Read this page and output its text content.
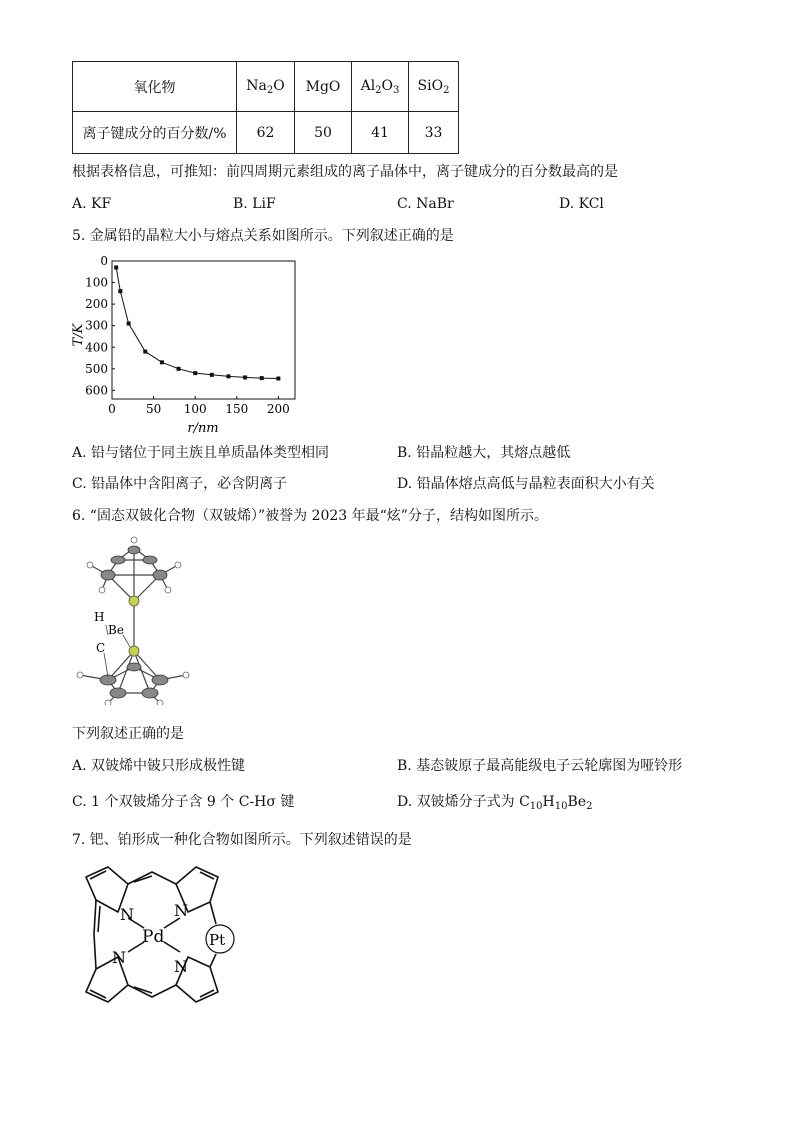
氧化物	$Na_2O$	MgO	$Al_2O_3$	SiO$_2$
离子键成分的百分数/%	62	50	41	33
根据表格信息，可推知：前四周期元素组成的离子晶体中，离子键成分的百分数最高的是
A. KF	B. LiF	C. NaBr	D. KCl
5. 金属铅的晶粒大小与熔点关系如图所示。下列叙述正确的是
0
100
200
300
400
500
600
0	50 100 150 200
T/K
r/nm
A. 铅与锗位于同主族且单质晶体类型相同	B. 铅晶粒越大，其熔点越低
C. 铅晶体中含阳离子，必含阴离子	D. 铅晶体熔点高低与晶粒表面积大小有关
6. “固态双铍化合物（双铍烯）”被誉为 2023 年最“炫”分子，结构如图所示。
H
Be
C
下列叙述正确的是
A. 双铍烯中铍只形成极性键	B. 基态铍原子最高能级电子云轮廓图为哑铃形
C. 1 个双铍烯分子含 9 个 C-Hσ 键	D. 双铍烯分子式为 $C_{10}H_{10}Be_2$
7. 钯、铂形成一种化合物如图所示。下列叙述错误的是
N	N
N	N
Pd	Pt
